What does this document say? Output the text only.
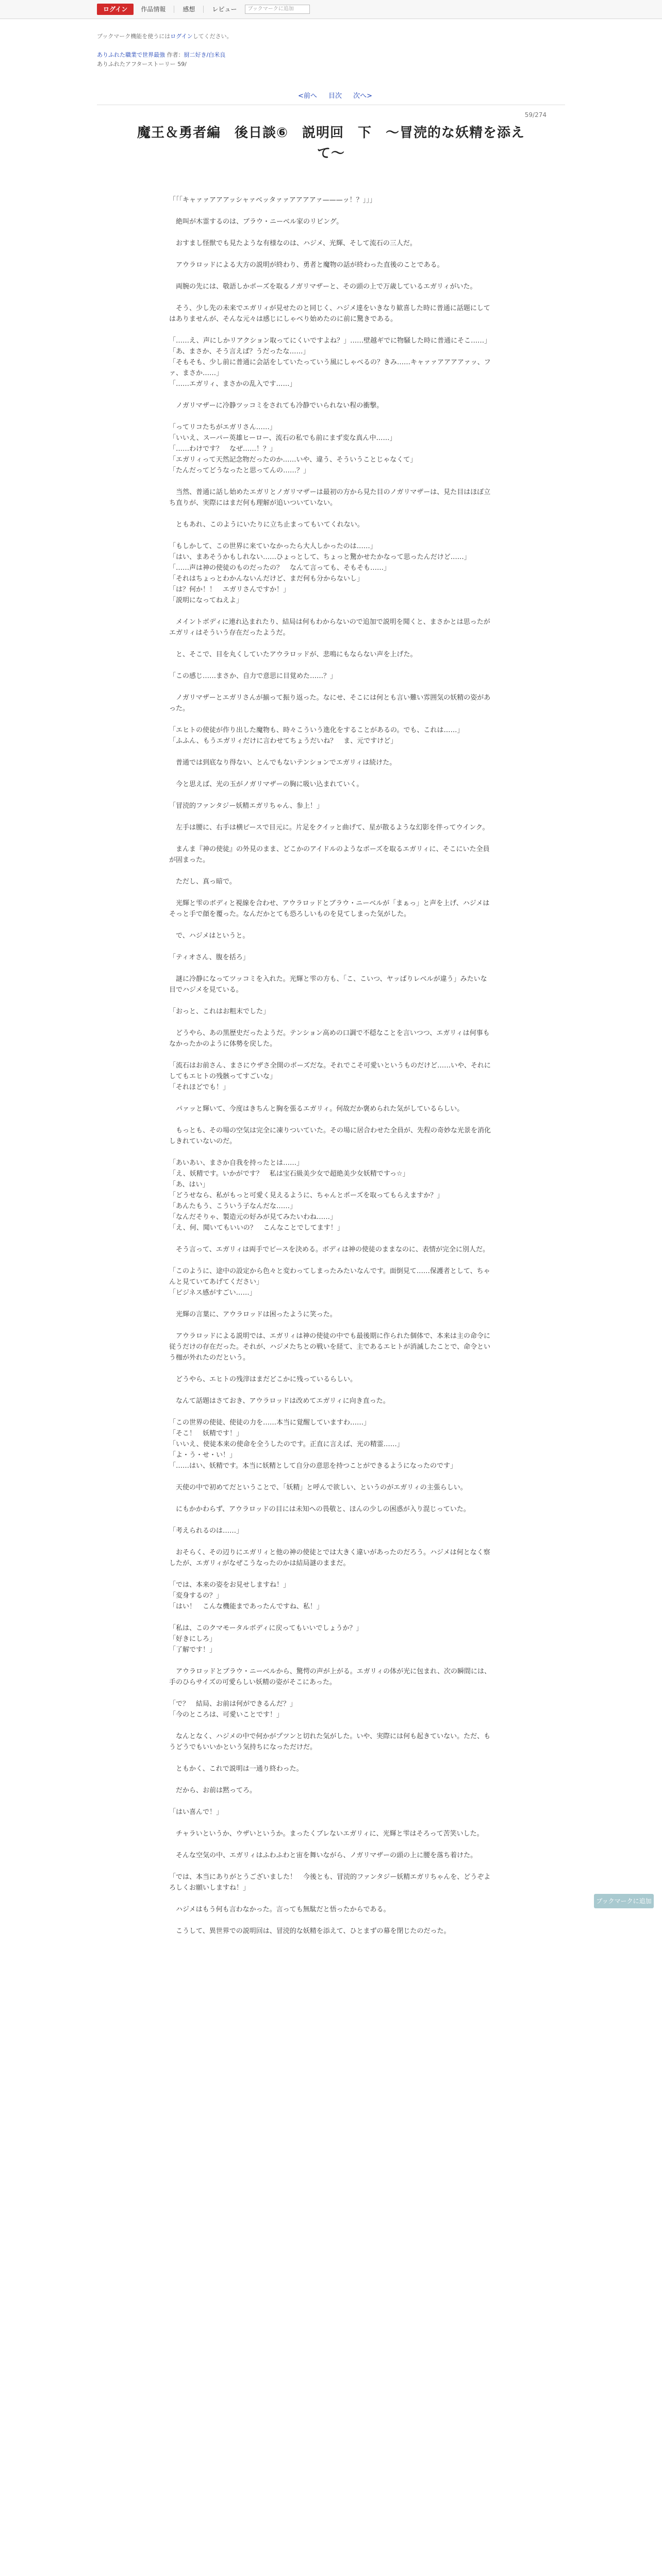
ログイン	作品情報	感想	レビュー	ブックマークに追加
ブックマーク機能を使うにはログインしてください。
ありふれた職業で世界最強 作者：厨二好き/白米良
ありふれたアフターストーリー 59/
<前へ 目次 次へ>
59/274
魔王＆勇者編　後日談⑥　説明回　下　〜冒涜的な妖精を添えて〜

「「「キャァァアアアッシャァベッタァァアアアアァ———ッ！？」」」

　絶叫が木霊するのは、ブラウ・ニーベル家のリビング。

　おすまし怪獣でも見たような有様なのは、ハジメ、光輝、そして流石の三人だ。

　アウラロッドによる大方の説明が終わり、勇者と魔物の話が終わった直後のことである。

　両腕の先には、敬語しかポーズを取るノガリマザーと、その頭の上で万歳しているエガリィがいた。

　そう、少し先の未来でエガリィが見せたのと同じく、ハジメ達をいきなり歓喜した時に普通に話題にしてはありませんが、そんな元々は感じにしゃべり始めたのに前に驚きである。

「……え、声にしかリアクション取ってにくいですよね？」……壁越ギでに物騒した時に普通にそこ……」

「あ、まさか、そう言えば？うだったな……」

「そもそも、少し前に普通に会話をしていたっていう風にしゃべるの？きみ……キャァァアアアアァッ、ファ、まさか……」

「……エガリィ、まさかの乱入です……」

　ノガリマザーに冷静ツッコミをされても冷静でいられない程の衝撃。

「ってリコたちがエガリさん……」

「いいえ、スーパー英雄ヒーロー、流石の私でも前にまず変な真ん中……」

「……わけです？　なぜ……！？」

「エガリィって天然記念物だったのか……いや、違う、そういうことじゃなくて」

「たんだってどうなったと思ってんの……？」

　当然、普通に話し始めたエガリとノガリマザーは最初の方から見た目のノガリマザーは、見た目はほぼ立ち直りが、実際にはまだ何も理解が追いついていない。

　ともあれ、このようにいたりに立ち止まってもいてくれない。

「もしかして、この世界に来ていなかったら大人しかったのは……」

「はい、まあそうかもしれない……ひょっとして、ちょっと驚かせたかなって思ったんだけど……」

「……声は神の使徒のものだったの？　なんて言っても、そもそも……」

「それはちょっとわかんないんだけど、まだ何も分からないし」

「は？何か！！　エガリさんですか！」

「説明になってねえよ」

　メイントボディに連れ込まれたり、結局は何もわからないので追加で説明を聞くと、まさかとは思ったがエガリィはそういう存在だったようだ。

　と、そこで、目を丸くしていたアウラロッドが、悲鳴にもならない声を上げた。

「この感じ……まさか、自力で意思に目覚めた……？」

　ノガリマザーとエガリさんが揃って振り返った。なにせ、そこには何とも言い難い雰囲気の妖精の姿があった。

「エヒトの使徒が作り出した魔物も、時々こういう進化をすることがあるの。でも、これは……」

「ふふん、もうエガリィだけに言わせてちょうだいね？　ま、元ですけど」

　普通では到底なり得ない、とんでもないテンションでエガリィは続けた。

　今と思えば、光の玉がノガリマザーの胸に吸い込まれていく。

「冒涜的ファンタジー妖精エガリちゃん、参上！」

　左手は腰に、右手は横ピースで目元に。片足をクイッと曲げて、星が散るような幻影を伴ってウインク。

　まんま『神の使徒』の外見のまま、どこかのアイドルのようなポーズを取るエガリィに、そこにいた全員が固まった。

　ただし、真っ暗で。

　光輝と雫のボディと視線を合わせ、アウラロッドとブラウ・ニーベルが「まぁっ」と声を上げ、ハジメはそっと手で顔を覆った。なんだかとても恐ろしいものを見てしまった気がした。

　で、ハジメはというと。

「ティオさん、腹を括ろ」

　謎に冷静になってツッコミを入れた。光輝と雫の方も、「こ、こいつ、ヤッばりレベルが違う」みたいな目でハジメを見ている。

「おっと、これはお粗末でした」

　どうやら、あの黒歴史だったようだ。テンション高めの口調で不穏なことを言いつつ、エガリィは何事もなかったかのように体勢を戻した。

「流石はお前さん、まさにウザさ全開のポーズだな。それでこそ可愛いというものだけど……いや、それにしてもエヒトの残骸ってすごいな」

「それほどでも！」

　パァッと輝いて、今度はきちんと胸を張るエガリィ。何故だか褒められた気がしているらしい。

　もっとも、その場の空気は完全に凍りついていた。その場に居合わせた全員が、先程の奇妙な光景を消化しきれていないのだ。

「あいあい、まさか自我を持ったとは……」

「え、妖精です。いかがです？　私は宝石級美少女で超絶美少女妖精ですっ☆」

「あ、はい」

「どうせなら、私がもっと可愛く見えるように、ちゃんとポーズを取ってもらえますか？」

「あんたもう、こういう子なんだな……」

「なんだそりゃ、製造元の好みが見てみたいわね……」

「え、何、聞いてもいいの？　こんなことでしてます！」

　そう言って、エガリィは両手でピースを決める。ボディは神の使徒のままなのに、表情が完全に別人だ。

「このように、途中の設定から色々と変わってしまったみたいなんです。面倒見て……保護者として、ちゃんと見ていてあげてください」

「ビジネス感がすごい……」

　光輝の言葉に、アウラロッドは困ったように笑った。

　アウラロッドによる説明では、エガリィは神の使徒の中でも最後期に作られた個体で、本来は主の命令に従うだけの存在だった。それが、ハジメたちとの戦いを経て、主であるエヒトが消滅したことで、命令という枷が外れたのだという。

　どうやら、エヒトの残滓はまだどこかに残っているらしい。

　なんて話題はさておき、アウラロッドは改めてエガリィに向き直った。

「この世界の使徒、使徒の力を……本当に覚醒していますわ……」

「そこ！　妖精です！」

「いいえ、使徒本来の使命を全うしたのです。正直に言えば、光の精霊……」

「よ・う・せ・い！」

「……はい、妖精です。本当に妖精として自分の意思を持つことができるようになったのです」

　天使の中で初めてだということで、「妖精」と呼んで欲しい、というのがエガリィの主張らしい。

　にもかかわらず、アウラロッドの目には未知への畏敬と、ほんの少しの困惑が入り混じっていた。

「考えられるのは……」

　おそらく、その辺りにエガリィと他の神の使徒とでは大きく違いがあったのだろう。ハジメは何となく察したが、エガリィがなぜこうなったのかは結局謎のままだ。

「では、本来の姿をお見せしますね！」

「変身するの？」

「はい！　こんな機能まであったんですね、私！」

「私は、このクマモータルボディに戻ってもいいでしょうか？」

「好きにしろ」

「了解です！」

　アウラロッドとブラウ・ニーベルから、驚愕の声が上がる。エガリィの体が光に包まれ、次の瞬間には、手のひらサイズの可愛らしい妖精の姿がそこにあった。

「で？　結局、お前は何ができるんだ？」

「今のところは、可愛いことです！」

　なんとなく、ハジメの中で何かがプツンと切れた気がした。いや、実際には何も起きていない。ただ、もうどうでもいいかという気持ちになっただけだ。

　ともかく、これで説明は一通り終わった。

　だから、お前は黙ってろ。

「はい喜んで！」

　チャラいというか、ウザいというか。まったくブレないエガリィに、光輝と雫はそろって苦笑いした。

　そんな空気の中、エガリィはふわふわと宙を舞いながら、ノガリマザーの頭の上に腰を落ち着けた。

「では、本当にありがとうございました！　今後とも、冒涜的ファンタジー妖精エガリちゃんを、どうぞよろしくお願いしますね！」

　ハジメはもう何も言わなかった。言っても無駄だと悟ったからである。

　こうして、異世界での説明回は、冒涜的な妖精を添えて、ひとまずの幕を閉じたのだった。

ブックマークに追加
